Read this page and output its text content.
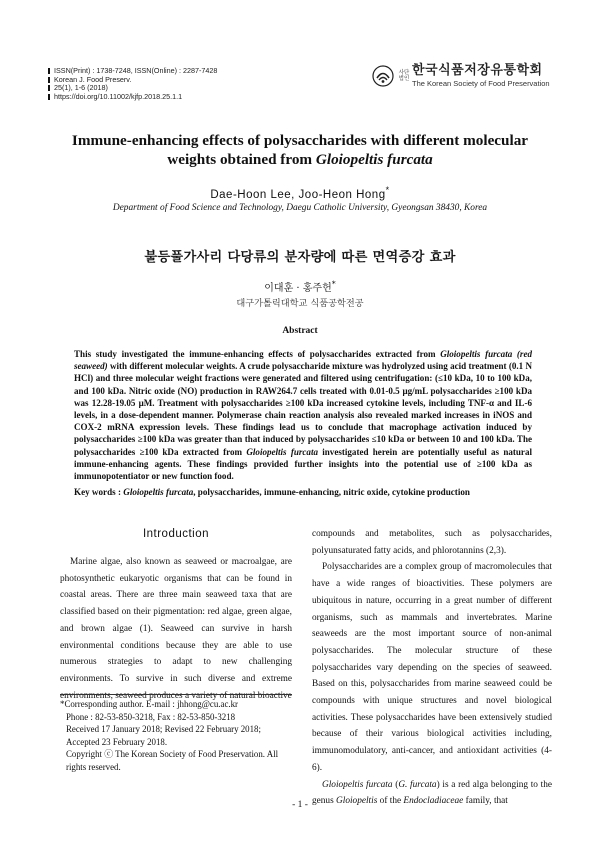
ISSN(Print) : 1738-7248, ISSN(Online) : 2287-7428
Korean J. Food Preserv.
25(1), 1-6 (2018)
https://doi.org/10.11002/kjfp.2018.25.1.1
사단
법인
한국식품저장유통학회
The Korean Society of Food Preservation
Immune-enhancing effects of polysaccharides with different molecular
weights obtained from Gloiopeltis furcata
Dae-Hoon Lee, Joo-Heon Hong*
Department of Food Science and Technology, Daegu Catholic University, Gyeongsan 38430, Korea
불등풀가사리 다당류의 분자량에 따른 면역증강 효과
이대훈 · 홍주헌*
대구가톨릭대학교 식품공학전공
Abstract
This study investigated the immune-enhancing effects of polysaccharides extracted from Gloiopeltis furcata (red seaweed) with different molecular weights. A crude polysaccharide mixture was hydrolyzed using acid treatment (0.1 N HCl) and three molecular weight fractions were generated and filtered using centrifugation: (≤10 kDa, 10 to 100 kDa, and 100 kDa. Nitric oxide (NO) production in RAW264.7 cells treated with 0.01-0.5 μg/mL polysaccharides ≥100 kDa was 12.28-19.05 μM. Treatment with polysaccharides ≥100 kDa increased cytokine levels, including TNF-α and IL-6 levels, in a dose-dependent manner. Polymerase chain reaction analysis also revealed marked increases in iNOS and COX-2 mRNA expression levels. These findings lead us to conclude that macrophage activation induced by polysaccharides ≥100 kDa was greater than that induced by polysaccharides ≤10 kDa or between 10 and 100 kDa. The polysaccharides ≥100 kDa extracted from Gloiopeltis furcata investigated herein are potentially useful as natural immune-enhancing agents. These findings provided further insights into the potential use of ≥100 kDa as immunopotentiator or new function food.
Key words : Gloiopeltis furcata, polysaccharides, immune-enhancing, nitric oxide, cytokine production
Introduction

Marine algae, also known as seaweed or macroalgae, are photosynthetic eukaryotic organisms that can be found in coastal areas. There are three main seaweed taxa that are classified based on their pigmentation: red algae, green algae, and brown algae (1). Seaweed can survive in harsh environmental conditions because they are able to use numerous strategies to adapt to new challenging environments. To survive in such diverse and extreme environments, seaweed produces a variety of natural bioactive

*Corresponding author. E-mail : jhhong@cu.ac.kr
Phone : 82-53-850-3218, Fax : 82-53-850-3218
Received 17 January 2018; Revised 22 February 2018; Accepted 23 February 2018.
Copyright ⓒ The Korean Society of Food Preservation. All rights reserved.

compounds and metabolites, such as polysaccharides, polyunsaturated fatty acids, and phlorotannins (2,3).

Polysaccharides are a complex group of macromolecules that have a wide ranges of bioactivities. These polymers are ubiquitous in nature, occurring in a great number of different organisms, such as mammals and invertebrates. Marine seaweeds are the most important source of non-animal polysaccharides. The molecular structure of these polysaccharides vary depending on the species of seaweed. Based on this, polysaccharides from marine seaweed could be compounds with unique structures and novel biological activities. These polysaccharides have been extensively studied because of their various biological activities including, immunomodulatory, anti-cancer, and antioxidant activities (4-6).

Gloiopeltis furcata (G. furcata) is a red alga belonging to the genus Gloiopeltis of the Endocladiaceae family, that

- 1 -
